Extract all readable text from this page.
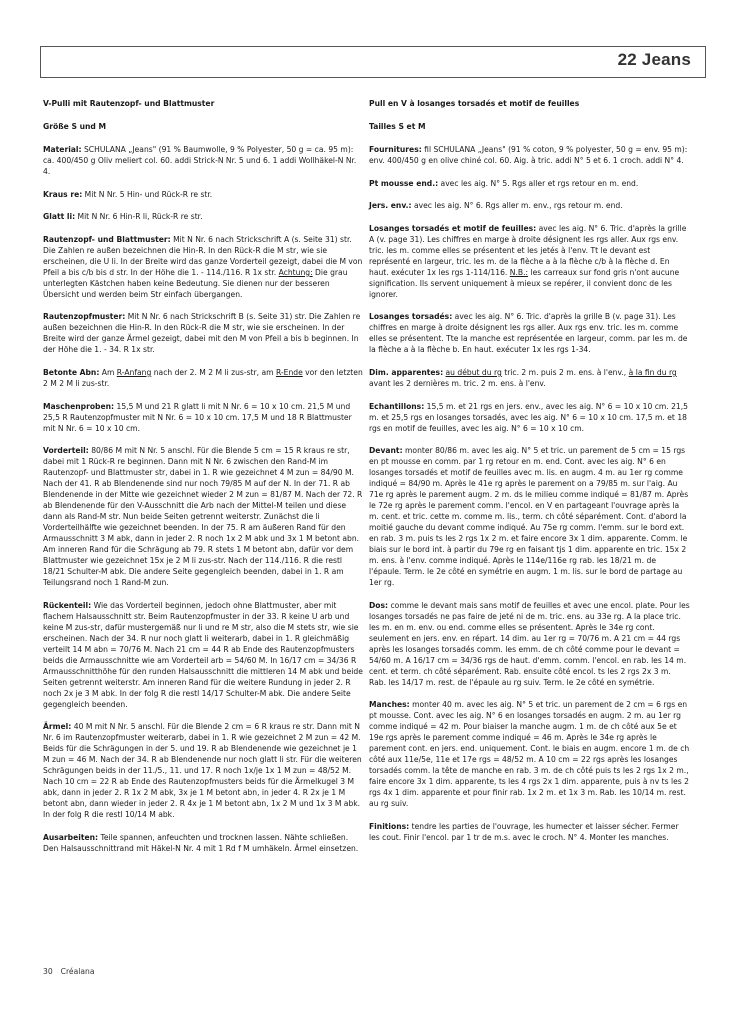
22 Jeans

V-Pulli mit Rautenzopf- und Blattmuster

Größe S und M

Material: SCHULANA „Jeans" (91 % Baumwolle, 9 % Polyester, 50 g = ca. 95 m): ca. 400/450 g Oliv meliert col. 60. addi Strick-N Nr. 5 und 6. 1 addi Wollhäkel-N Nr. 4.

Kraus re: Mit N Nr. 5 Hin- und Rück-R re str.

Glatt li: Mit N Nr. 6 Hin-R li, Rück-R re str.

Rautenzopf- und Blattmuster: Mit N Nr. 6 nach Strickschrift A (s. Seite 31) str. Die Zahlen re außen bezeichnen die Hin-R. In den Rück-R die M str, wie sie erscheinen, die U li. In der Breite wird das ganze Vorderteil gezeigt, dabei die M von Pfeil a bis c/b bis d str. In der Höhe die 1. - 114./116. R 1x str. Achtung: Die grau unterlegten Kästchen haben keine Bedeutung. Sie dienen nur der besseren Übersicht und werden beim Str einfach übergangen.

Rautenzopfmuster: Mit N Nr. 6 nach Strickschrift B (s. Seite 31) str. Die Zahlen re außen bezeichnen die Hin-R. In den Rück-R die M str, wie sie erscheinen. In der Breite wird der ganze Ärmel gezeigt, dabei mit den M von Pfeil a bis b beginnen. In der Höhe die 1. - 34. R 1x str.

Betonte Abn: Am R-Anfang nach der 2. M 2 M li zus-str, am R-Ende vor den letzten 2 M 2 M li zus-str.

Maschenproben: 15,5 M und 21 R glatt li mit N Nr. 6 = 10 x 10 cm. 21,5 M und 25,5 R Rautenzopfmuster mit N Nr. 6 = 10 x 10 cm. 17,5 M und 18 R Blattmuster mit N Nr. 6 = 10 x 10 cm.

Vorderteil: 80/86 M mit N Nr. 5 anschl. Für die Blende 5 cm = 15 R kraus re str, dabei mit 1 Rück-R re beginnen. Dann mit N Nr. 6 zwischen den Rand-M im Rautenzopf- und Blattmuster str, dabei in 1. R wie gezeichnet 4 M zun = 84/90 M. Nach der 41. R ab Blendenende sind nur noch 79/85 M auf der N. In der 71. R ab Blendenende in der Mitte wie gezeichnet wieder 2 M zun = 81/87 M. Nach der 72. R ab Blendenende für den V-Ausschnitt die Arb nach der Mittel-M teilen und diese dann als Rand-M str. Nun beide Seiten getrennt weiterstr. Zunächst die li Vorderteilhälfte wie gezeichnet beenden. In der 75. R am äußeren Rand für den Armausschnitt 3 M abk, dann in jeder 2. R noch 1x 2 M abk und 3x 1 M betont abn. Am inneren Rand für die Schrägung ab 79. R stets 1 M betont abn, dafür vor dem Blattmuster wie gezeichnet 15x je 2 M li zus-str. Nach der 114./116. R die restl 18/21 Schulter-M abk. Die andere Seite gegengleich beenden, dabei in 1. R am Teilungsrand noch 1 Rand-M zun.

Rückenteil: Wie das Vorderteil beginnen, jedoch ohne Blattmuster, aber mit flachem Halsausschnitt str. Beim Rautenzopfmuster in der 33. R keine U arb und keine M zus-str, dafür mustergemäß nur li und re M str, also die M stets str, wie sie erscheinen. Nach der 34. R nur noch glatt li weiterarb, dabei in 1. R gleichmäßig verteilt 14 M abn = 70/76 M. Nach 21 cm = 44 R ab Ende des Rautenzopfmusters beids die Armausschnitte wie am Vorderteil arb = 54/60 M. In 16/17 cm = 34/36 R Armausschnitthöhe für den runden Halsausschnitt die mittleren 14 M abk und beide Seiten getrennt weiterstr. Am inneren Rand für die weitere Rundung in jeder 2. R noch 2x je 3 M abk. In der folg R die restl 14/17 Schulter-M abk. Die andere Seite gegengleich beenden.

Ärmel: 40 M mit N Nr. 5 anschl. Für die Blende 2 cm = 6 R kraus re str. Dann mit N Nr. 6 im Rautenzopfmuster weiterarb, dabei in 1. R wie gezeichnet 2 M zun = 42 M. Beids für die Schrägungen in der 5. und 19. R ab Blendenende wie gezeichnet je 1 M zun = 46 M. Nach der 34. R ab Blendenende nur noch glatt li str. Für die weiteren Schrägungen beids in der 11./5., 11. und 17. R noch 1x/je 1x 1 M zun = 48/52 M. Nach 10 cm = 22 R ab Ende des Rautenzopfmusters beids für die Ärmelkugel 3 M abk, dann in jeder 2. R 1x 2 M abk, 3x je 1 M betont abn, in jeder 4. R 2x je 1 M betont abn, dann wieder in jeder 2. R 4x je 1 M betont abn, 1x 2 M und 1x 3 M abk. In der folg R die restl 10/14 M abk.

Ausarbeiten: Teile spannen, anfeuchten und trocknen lassen. Nähte schließen. Den Halsausschnittrand mit Häkel-N Nr. 4 mit 1 Rd f M umhäkeln. Ärmel einsetzen.

Pull en V à losanges torsadés et motif de feuilles

Tailles S et M

Fournitures: fil SCHULANA „Jeans" (91 % coton, 9 % polyester, 50 g = env. 95 m): env. 400/450 g en olive chiné col. 60. Aig. à tric. addi N° 5 et 6. 1 croch. addi N° 4.

Pt mousse end.: avec les aig. N° 5. Rgs aller et rgs retour en m. end.

Jers. env.: avec les aig. N° 6. Rgs aller m. env., rgs retour m. end.

Losanges torsadés et motif de feuilles: avec les aig. N° 6. Tric. d'après la grille A (v. page 31). Les chiffres en marge à droite désignent les rgs aller. Aux rgs env. tric. les m. comme elles se présentent et les jetés à l'env. Tt le devant est représenté en largeur, tric. les m. de la flèche a à la flèche c/b à la flèche d. En haut. exécuter 1x les rgs 1-114/116. N.B.: les carreaux sur fond gris n'ont aucune signification. Ils servent uniquement à mieux se repérer, il convient donc de les ignorer.

Losanges torsadés: avec les aig. N° 6. Tric. d'après la grille B (v. page 31). Les chiffres en marge à droite désignent les rgs aller. Aux rgs env. tric. les m. comme elles se présentent. Tte la manche est représentée en largeur, comm. par les m. de la flèche a à la flèche b. En haut. exécuter 1x les rgs 1-34.

Dim. apparentes: au début du rg tric. 2 m. puis 2 m. ens. à l'env., à la fin du rg avant les 2 dernières m. tric. 2 m. ens. à l'env.

Echantillons: 15,5 m. et 21 rgs en jers. env., avec les aig. N° 6 = 10 x 10 cm. 21,5 m. et 25,5 rgs en losanges torsadés, avec les aig. N° 6 = 10 x 10 cm. 17,5 m. et 18 rgs en motif de feuilles, avec les aig. N° 6 = 10 x 10 cm.

Devant: monter 80/86 m. avec les aig. N° 5 et tric. un parement de 5 cm = 15 rgs en pt mousse en comm. par 1 rg retour en m. end. Cont. avec les aig. N° 6 en losanges torsadés et motif de feuilles avec m. lis. en augm. 4 m. au 1er rg comme indiqué = 84/90 m. Après le 41e rg après le parement on a 79/85 m. sur l'aig. Au 71e rg après le parement augm. 2 m. ds le milieu comme indiqué = 81/87 m. Après le 72e rg après le parement comm. l'encol. en V en partageant l'ouvrage après la m. cent. et tric. cette m. comme m. lis., term. ch côté séparément. Cont. d'abord la moitié gauche du devant comme indiqué. Au 75e rg comm. l'emm. sur le bord ext. en rab. 3 m. puis ts les 2 rgs 1x 2 m. et faire encore 3x 1 dim. apparente. Comm. le biais sur le bord int. à partir du 79e rg en faisant tjs 1 dim. apparente en tric. 15x 2 m. ens. à l'env. comme indiqué. Après le 114e/116e rg rab. les 18/21 m. de l'épaule. Term. le 2e côté en symétrie en augm. 1 m. lis. sur le bord de partage au 1er rg.

Dos: comme le devant mais sans motif de feuilles et avec une encol. plate. Pour les losanges torsadés ne pas faire de jeté ni de m. tric. ens. au 33e rg. A la place tric. les m. en m. env. ou end. comme elles se présentent. Après le 34e rg cont. seulement en jers. env. en répart. 14 dim. au 1er rg = 70/76 m. A 21 cm = 44 rgs après les losanges torsadés comm. les emm. de ch côté comme pour le devant = 54/60 m. A 16/17 cm = 34/36 rgs de haut. d'emm. comm. l'encol. en rab. les 14 m. cent. et term. ch côté séparément. Rab. ensuite côté encol. ts les 2 rgs 2x 3 m. Rab. les 14/17 m. rest. de l'épaule au rg suiv. Term. le 2e côté en symétrie.

Manches: monter 40 m. avec les aig. N° 5 et tric. un parement de 2 cm = 6 rgs en pt mousse. Cont. avec les aig. N° 6 en losanges torsadés en augm. 2 m. au 1er rg comme indiqué = 42 m. Pour biaiser la manche augm. 1 m. de ch côté aux 5e et 19e rgs après le parement comme indiqué = 46 m. Après le 34e rg après le parement cont. en jers. end. uniquement. Cont. le biais en augm. encore 1 m. de ch côté aux 11e/5e, 11e et 17e rgs = 48/52 m. A 10 cm = 22 rgs après les losanges torsadés comm. la tête de manche en rab. 3 m. de ch côté puis ts les 2 rgs 1x 2 m., faire encore 3x 1 dim. apparente, ts les 4 rgs 2x 1 dim. apparente, puis à nv ts les 2 rgs 4x 1 dim. apparente et pour finir rab. 1x 2 m. et 1x 3 m. Rab. les 10/14 m. rest. au rg suiv.

Finitions: tendre les parties de l'ouvrage, les humecter et laisser sécher. Fermer les cout. Finir l'encol. par 1 tr de m.s. avec le croch. N° 4. Monter les manches.

30 Créalana
